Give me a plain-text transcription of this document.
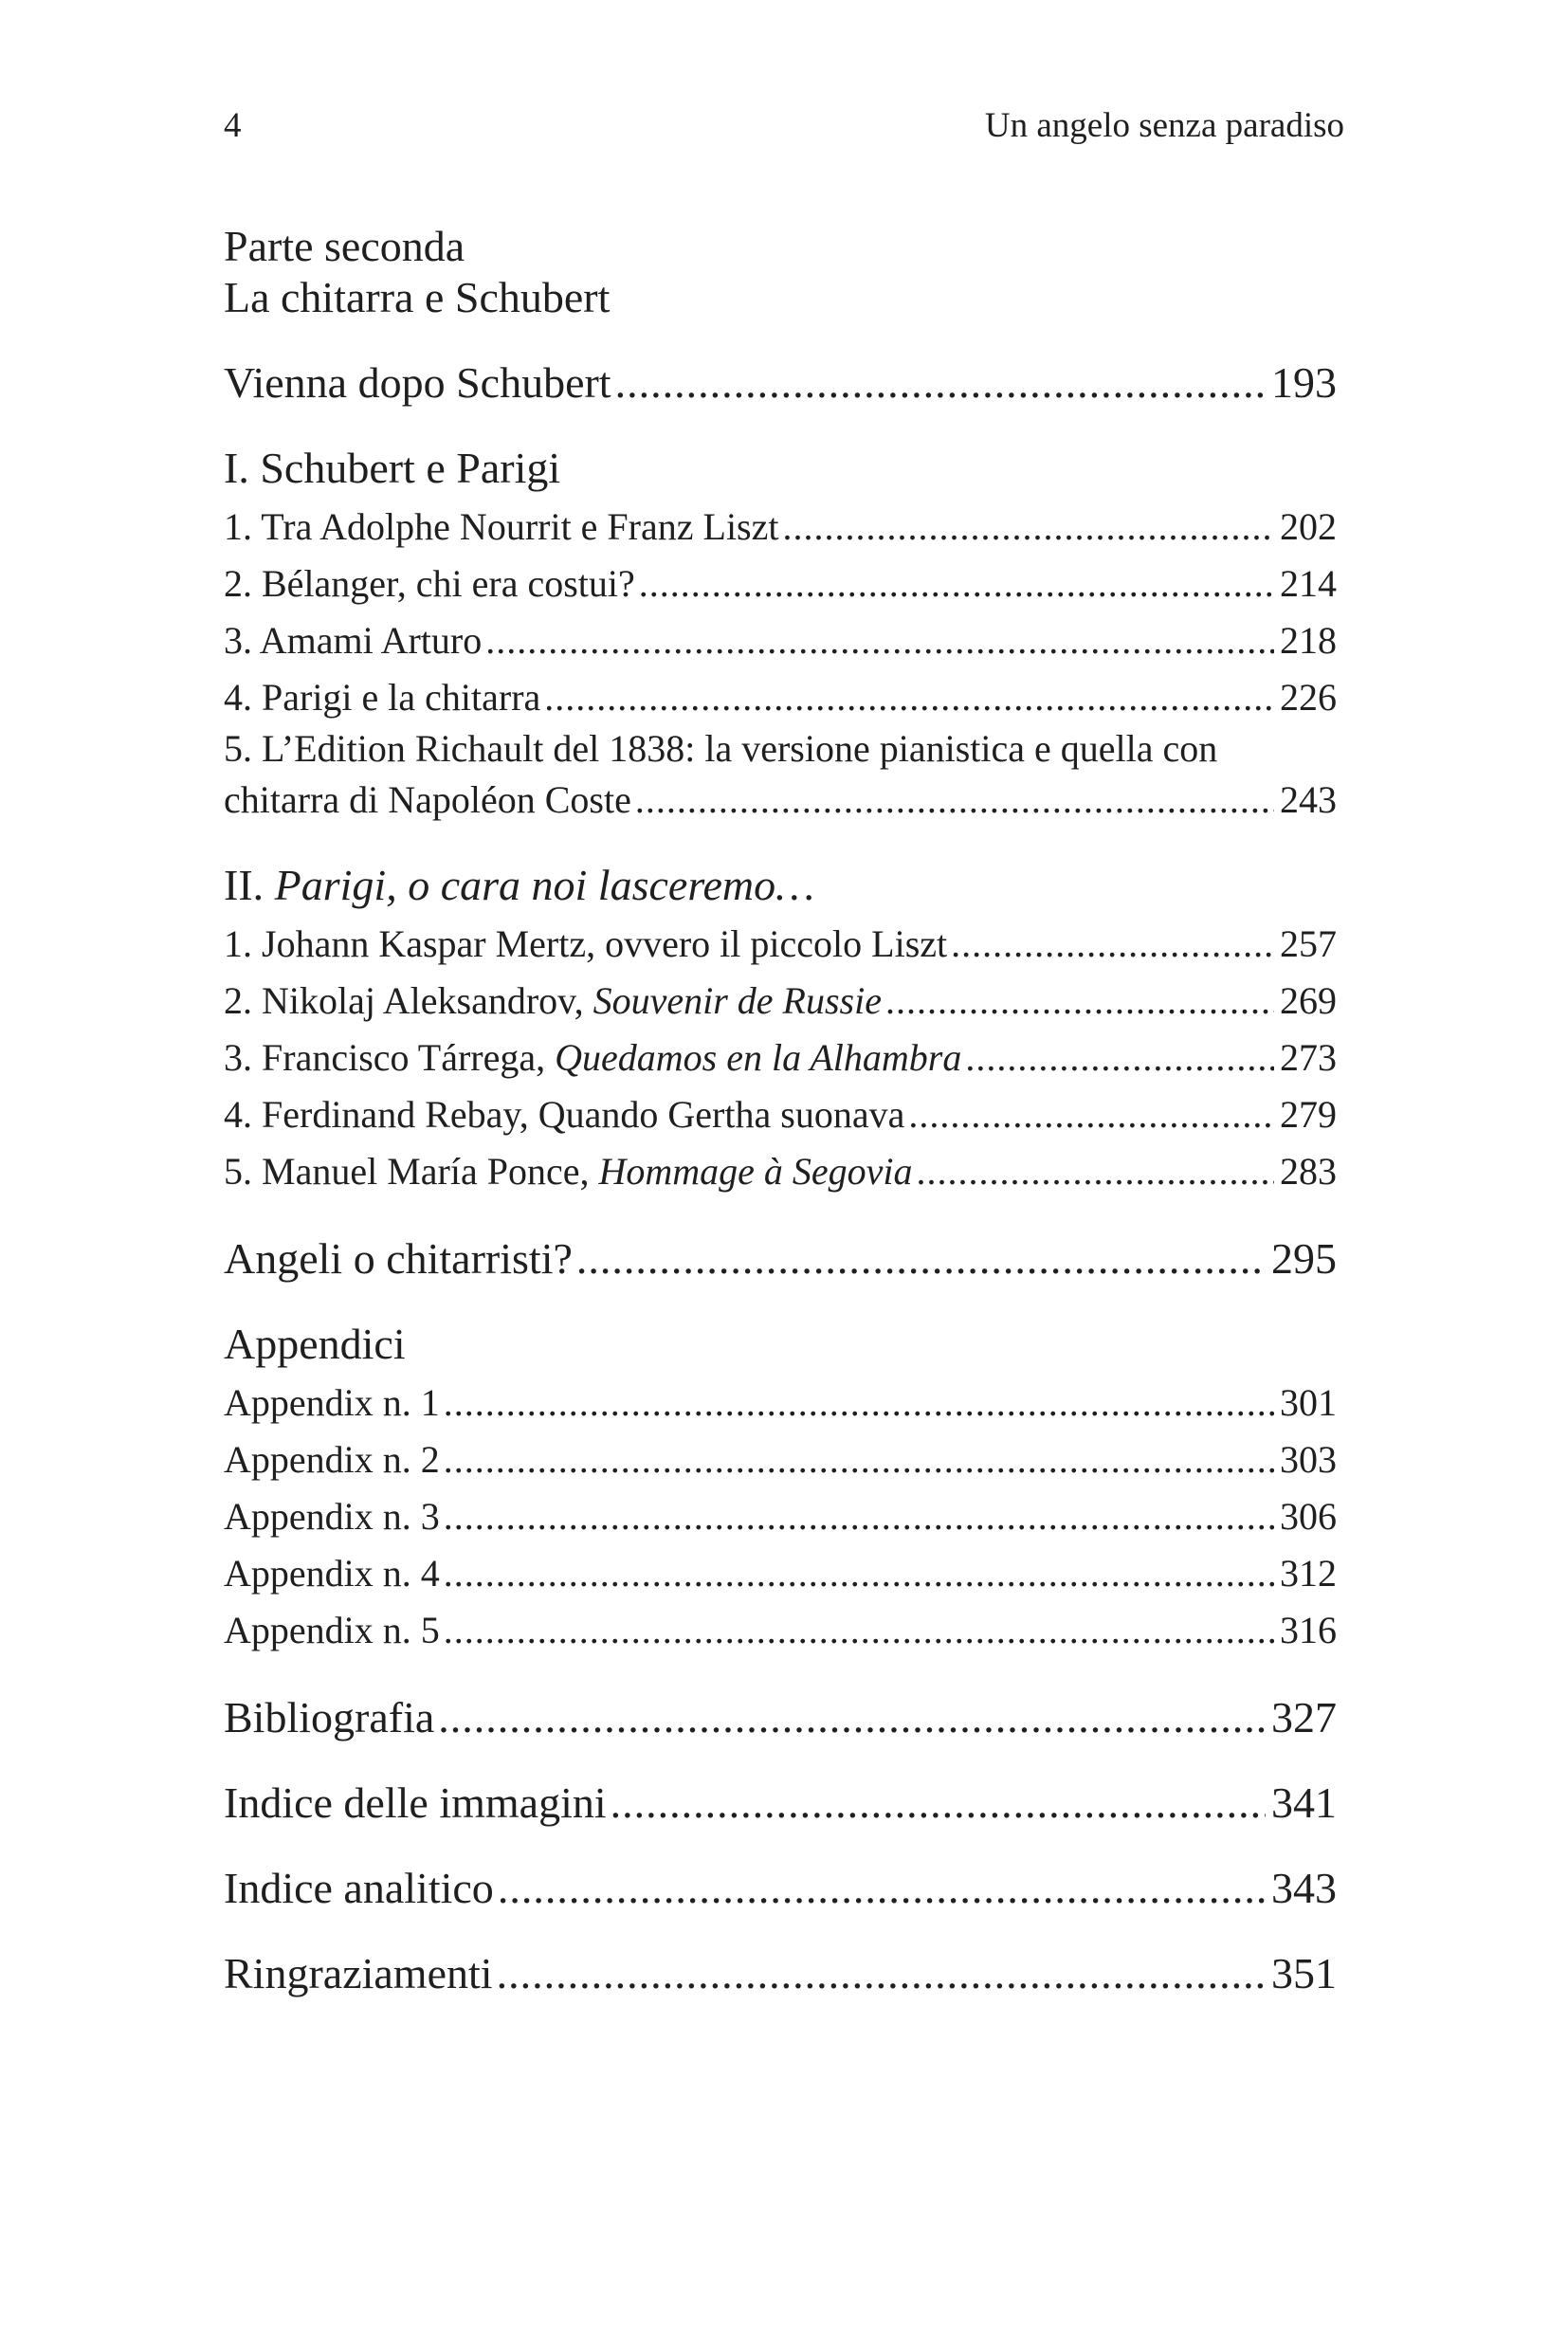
4	Un angelo senza paradiso
Parte seconda
La chitarra e Schubert
Vienna dopo Schubert .....	193
I. Schubert e Parigi
1. Tra Adolphe Nourrit e Franz Liszt .....	202
2. Bélanger, chi era costui? .....	214
3. Amami Arturo .....	218
4. Parigi e la chitarra .....	226
5. L’Edition Richault del 1838: la versione pianistica e quella con
chitarra di Napoléon Coste .....	243
II. Parigi, o cara noi lasceremo…
1. Johann Kaspar Mertz, ovvero il piccolo Liszt .....	257
2. Nikolaj Aleksandrov, Souvenir de Russie .....	269
3. Francisco Tárrega, Quedamos en la Alhambra .....	273
4. Ferdinand Rebay, Quando Gertha suonava .....	279
5. Manuel María Ponce, Hommage à Segovia .....	283
Angeli o chitarristi? .....	295
Appendici
Appendix n. 1 .....	301
Appendix n. 2 .....	303
Appendix n. 3 .....	306
Appendix n. 4 .....	312
Appendix n. 5 .....	316
Bibliografia .....	327
Indice delle immagini .....	341
Indice analitico .....	343
Ringraziamenti .....	351
